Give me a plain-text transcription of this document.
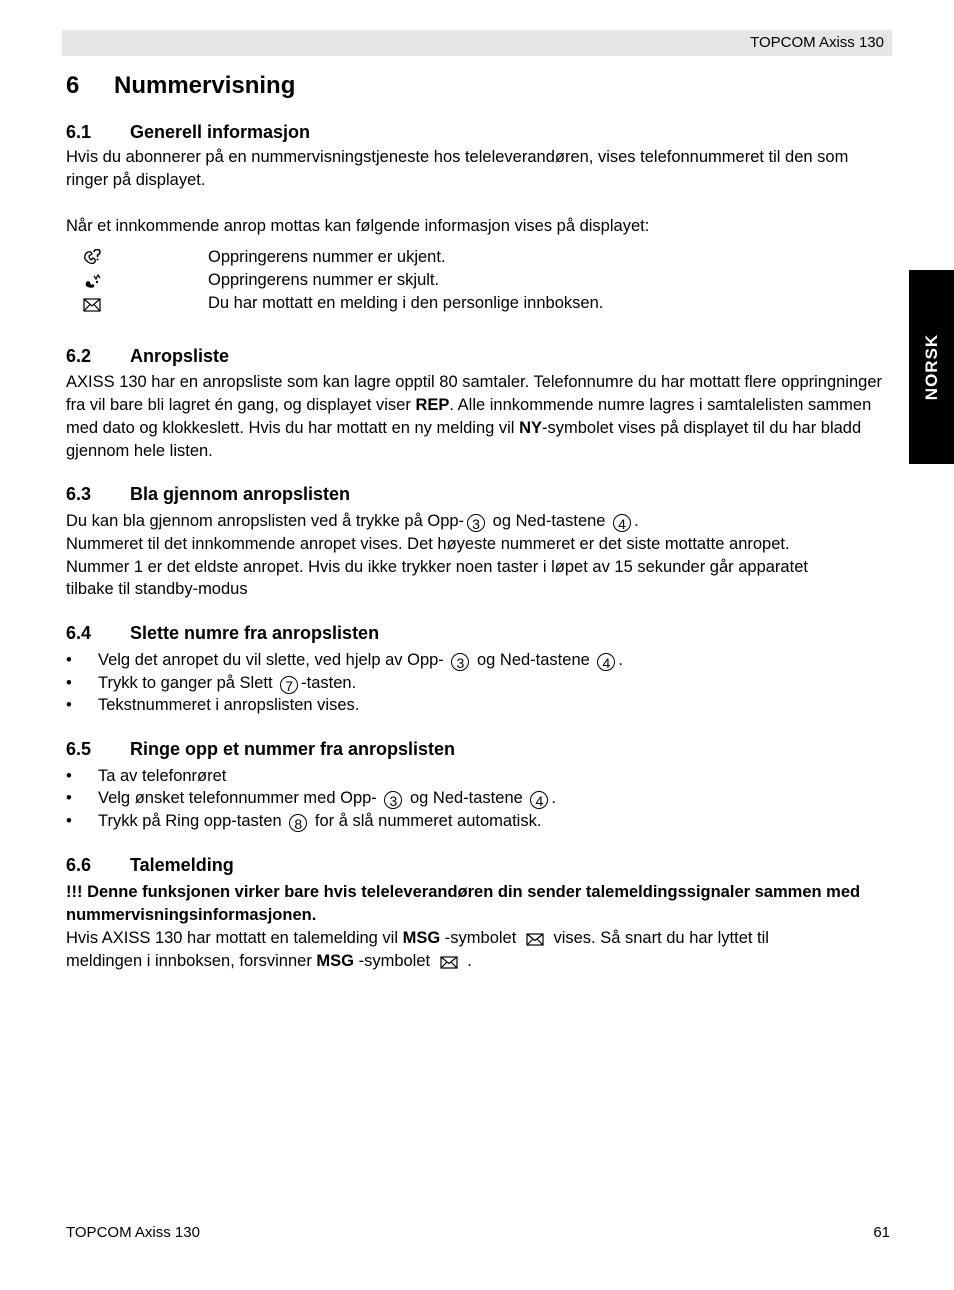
TOPCOM Axiss 130
NORSK
6 Nummervisning
6.1 Generell informasjon
Hvis du abonnerer på en nummervisningstjeneste hos teleleverandøren, vises telefonnummeret til den som ringer på displayet.
Når et innkommende anrop mottas kan følgende informasjon vises på displayet:
Oppringerens nummer er ukjent.
Oppringerens nummer er skjult.
Du har mottatt en melding i den personlige innboksen.
6.2 Anropsliste
AXISS 130 har en anropsliste som kan lagre opptil 80 samtaler. Telefonnumre du har mottatt flere oppringninger fra vil bare bli lagret én gang, og displayet viser REP. Alle innkommende numre lagres i samtalelisten sammen med dato og klokkeslett. Hvis du har mottatt en ny melding vil NY-symbolet vises på displayet til du har bladd gjennom hele listen.
6.3 Bla gjennom anropslisten
Du kan bla gjennom anropslisten ved å trykke på Opp- 3 og Ned-tastene 4 .
Nummeret til det innkommende anropet vises. Det høyeste nummeret er det siste mottatte anropet.
Nummer 1 er det eldste anropet. Hvis du ikke trykker noen taster i løpet av 15 sekunder går apparatet
tilbake til standby-modus
6.4 Slette numre fra anropslisten
• Velg det anropet du vil slette, ved hjelp av Opp- 3 og Ned-tastene 4 .
• Trykk to ganger på Slett 7 -tasten.
• Tekstnummeret i anropslisten vises.
6.5 Ringe opp et nummer fra anropslisten
• Ta av telefonrøret
• Velg ønsket telefonnummer med Opp- 3 og Ned-tastene 4 .
• Trykk på Ring opp-tasten 8 for å slå nummeret automatisk.
6.6 Talemelding
!!! Denne funksjonen virker bare hvis teleleverandøren din sender talemeldingssignaler sammen med nummervisningsinformasjonen.
Hvis AXISS 130 har mottatt en talemelding vil MSG -symbolet  vises. Så snart du har lyttet til
meldingen i innboksen, forsvinner MSG -symbolet  .
TOPCOM Axiss 130	61
